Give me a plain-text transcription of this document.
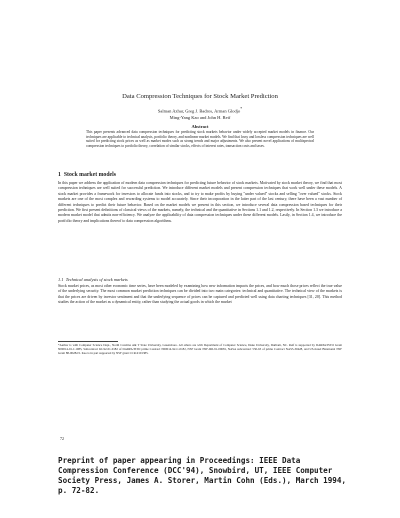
Data Compression Techniques for Stock Market Prediction
Salman Azhar, Greg J. Badros, Arman Glodjo*
Ming-Yang Kao and John H. Reif
Abstract
This paper presents advanced data compression techniques for predicting stock markets behavior under widely accepted market models in finance. Our techniques are applicable to technical analysis, portfolio theory, and nonlinear market models. We find that lossy and lossless compression techniques are well suited for predicting stock prices as well as market modes such as strong trends and major adjustments. We also present novel applications of multispectral compression techniques to portfolio theory, correlation of similar stocks, effects of interest rates, transaction costs and taxes.
1 Stock market models
In this paper we address the application of modern data compression techniques for predicting future behavior of stock markets. Motivated by stock market theory, we find that most compression techniques are well suited for successful prediction. We introduce different market models and present compression techniques that work well under these models. A stock market provides a framework for investors to allocate funds into stocks, and to try to make profits by buying "under valued" stocks and selling "over valued" stocks. Stock markets are one of the most complex and rewarding systems to model accurately. Since their incorporation in the latter part of the last century, there have been a vast number of different techniques to predict their future behavior. Based on the market models we present in this section, we introduce several data compression based techniques for their prediction. We first present definitions of classical views of the markets, namely, the technical and the quantitative in Sections 1.1 and 1.2, respectively. In Section 1.3 we introduce a modern market model that admits non-efficiency. We analyze the applicability of data compression techniques under these different models. Lastly, in Section 1.4, we introduce the portfolio theory and implications thereof to data compression algorithms.
1.1 Technical analysis of stock markets
Stock market prices, as most other economic time series, have been modeled by examining how new information impacts the prices, and how much those prices reflect the true value of the underlying security. The most common market prediction techniques can be divided into two main categories: technical and quantitative. The technical view of the markets is that the prices are driven by investor sentiment and that the underlying sequence of prices can be captured and predicted well using data charting techniques [31, 20]. This method studies the action of the market as a dynamical entity, rather than studying the actual goods in which the market
*Author is with Computer Science Dept., North Carolina A& T State University, Greensboro. All others are with Department of Computer Science, Duke University, Durham, NC. Reif is supported by DARPA/ISTO Grant N00014-91-J-1985, Subcontract KI-92-01-0182 of DARPA/ISTO prime Contract N00014-92-C-0182, NSF Grant NSF-IRI-91-00681, NASA subcontract 550-63 of prime Contract NAS5-30428, and US-Israel Binational NSF Grant 88-00282/2. Kao is in part supported by NSF grant CCR-9101385.
72
Preprint of paper appearing in Proceedings: IEEE Data
Compression Conference (DCC'94), Snowbird, UT, IEEE Computer
Society Press, James A. Storer, Martin Cohn (Eds.), March 1994,
p. 72-82.
